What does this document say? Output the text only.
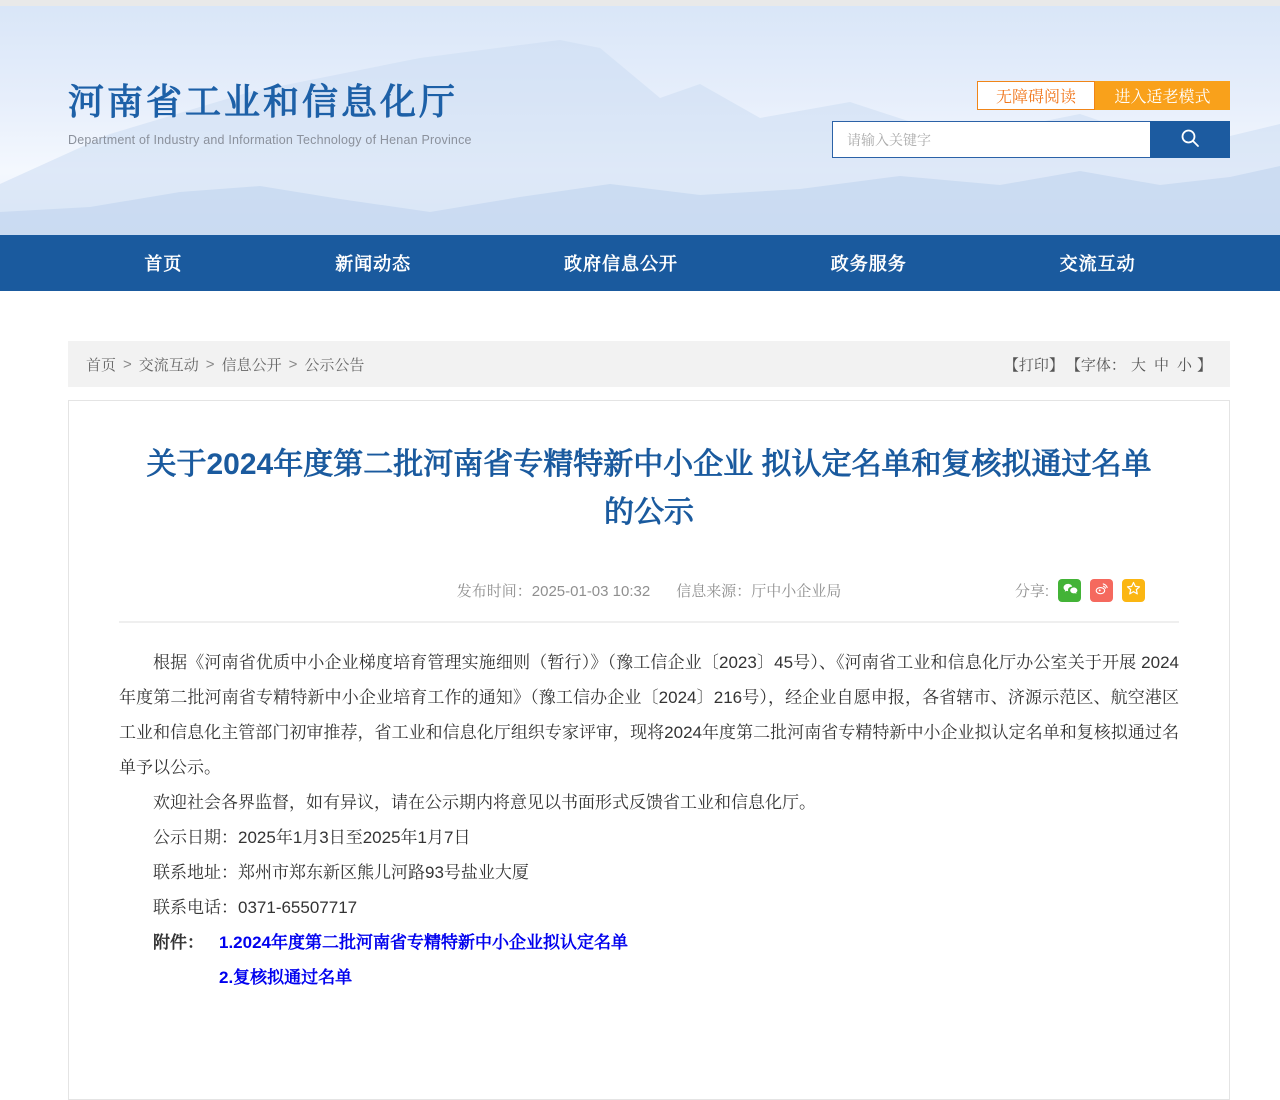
河南省工业和信息化厅
Department of Industry and Information Technology of Henan Province
无障碍阅读	进入适老模式
请输入关键字
首页	新闻动态	政府信息公开	政务服务	交流互动
首页 > 交流互动 > 信息公开 > 公示公告	【打印】 【字体： 大 中 小 】
关于2024年度第二批河南省专精特新中小企业 拟认定名单和复核拟通过名单的公示
发布时间：2025-01-03 10:32 信息来源：厅中小企业局	分享:

根据《河南省优质中小企业梯度培育管理实施细则（暂行）》（豫工信企业〔2023〕45号）、《河南省工业和信息化厅办公室关于开展 2024年度第二批河南省专精特新中小企业培育工作的通知》（豫工信办企业〔2024〕216号），经企业自愿申报，各省辖市、济源示范区、航空港区工业和信息化主管部门初审推荐，省工业和信息化厅组织专家评审，现将2024年度第二批河南省专精特新中小企业拟认定名单和复核拟通过名单予以公示。

欢迎社会各界监督，如有异议，请在公示期内将意见以书面形式反馈省工业和信息化厅。

公示日期：2025年1月3日至2025年1月7日

联系地址：郑州市郑东新区熊儿河路93号盐业大厦

联系电话：0371-65507717

附件： 1.2024年度第二批河南省专精特新中小企业拟认定名单
2.复核拟通过名单
